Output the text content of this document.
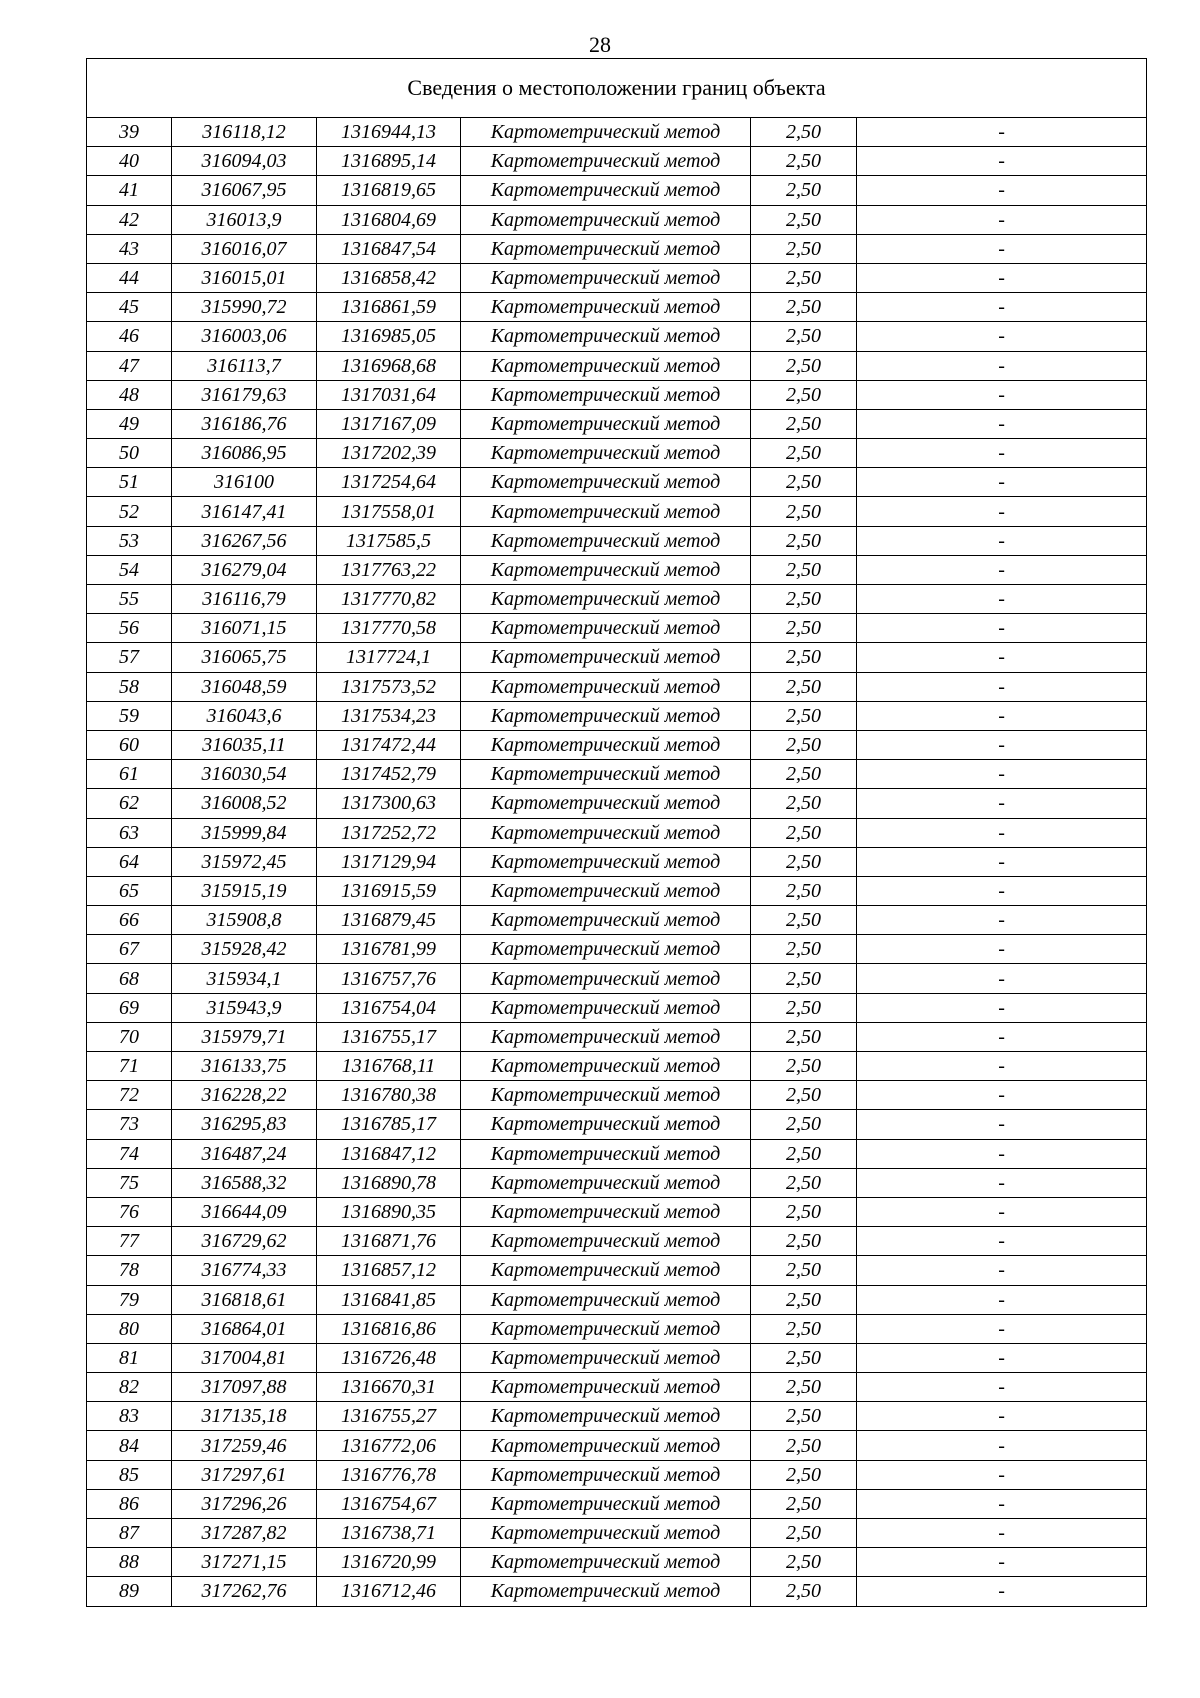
28
Сведения о местоположении границ объекта					
39	316118,12	1316944,13	Картометрический метод	2,50	-
40	316094,03	1316895,14	Картометрический метод	2,50	-
41	316067,95	1316819,65	Картометрический метод	2,50	-
42	316013,9	1316804,69	Картометрический метод	2,50	-
43	316016,07	1316847,54	Картометрический метод	2,50	-
44	316015,01	1316858,42	Картометрический метод	2,50	-
45	315990,72	1316861,59	Картометрический метод	2,50	-
46	316003,06	1316985,05	Картометрический метод	2,50	-
47	316113,7	1316968,68	Картометрический метод	2,50	-
48	316179,63	1317031,64	Картометрический метод	2,50	-
49	316186,76	1317167,09	Картометрический метод	2,50	-
50	316086,95	1317202,39	Картометрический метод	2,50	-
51	316100	1317254,64	Картометрический метод	2,50	-
52	316147,41	1317558,01	Картометрический метод	2,50	-
53	316267,56	1317585,5	Картометрический метод	2,50	-
54	316279,04	1317763,22	Картометрический метод	2,50	-
55	316116,79	1317770,82	Картометрический метод	2,50	-
56	316071,15	1317770,58	Картометрический метод	2,50	-
57	316065,75	1317724,1	Картометрический метод	2,50	-
58	316048,59	1317573,52	Картометрический метод	2,50	-
59	316043,6	1317534,23	Картометрический метод	2,50	-
60	316035,11	1317472,44	Картометрический метод	2,50	-
61	316030,54	1317452,79	Картометрический метод	2,50	-
62	316008,52	1317300,63	Картометрический метод	2,50	-
63	315999,84	1317252,72	Картометрический метод	2,50	-
64	315972,45	1317129,94	Картометрический метод	2,50	-
65	315915,19	1316915,59	Картометрический метод	2,50	-
66	315908,8	1316879,45	Картометрический метод	2,50	-
67	315928,42	1316781,99	Картометрический метод	2,50	-
68	315934,1	1316757,76	Картометрический метод	2,50	-
69	315943,9	1316754,04	Картометрический метод	2,50	-
70	315979,71	1316755,17	Картометрический метод	2,50	-
71	316133,75	1316768,11	Картометрический метод	2,50	-
72	316228,22	1316780,38	Картометрический метод	2,50	-
73	316295,83	1316785,17	Картометрический метод	2,50	-
74	316487,24	1316847,12	Картометрический метод	2,50	-
75	316588,32	1316890,78	Картометрический метод	2,50	-
76	316644,09	1316890,35	Картометрический метод	2,50	-
77	316729,62	1316871,76	Картометрический метод	2,50	-
78	316774,33	1316857,12	Картометрический метод	2,50	-
79	316818,61	1316841,85	Картометрический метод	2,50	-
80	316864,01	1316816,86	Картометрический метод	2,50	-
81	317004,81	1316726,48	Картометрический метод	2,50	-
82	317097,88	1316670,31	Картометрический метод	2,50	-
83	317135,18	1316755,27	Картометрический метод	2,50	-
84	317259,46	1316772,06	Картометрический метод	2,50	-
85	317297,61	1316776,78	Картометрический метод	2,50	-
86	317296,26	1316754,67	Картометрический метод	2,50	-
87	317287,82	1316738,71	Картометрический метод	2,50	-
88	317271,15	1316720,99	Картометрический метод	2,50	-
89	317262,76	1316712,46	Картометрический метод	2,50	-
